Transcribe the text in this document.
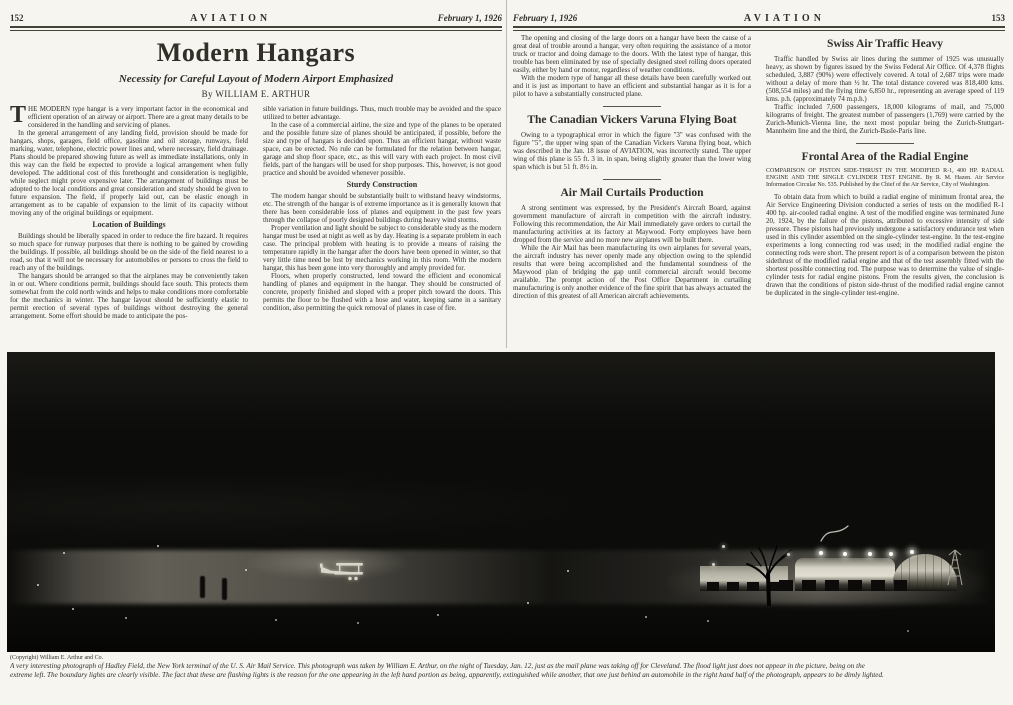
152	AVIATION	February 1, 1926
Modern Hangars
Necessity for Careful Layout of Modern Airport Emphasized
By WILLIAM E. ARTHUR

THE MODERN type hangar is a very important factor in the economical and efficient operation of an airway or airport. There are a great many details to be considered in the handling and servicing of planes.

In the general arrangement of any landing field, provision should be made for hangars, shops, garages, field office, gasoline and oil storage, runways, field marking, water, telephone, electric power lines and, where necessary, field drainage. Plans should be prepared showing future as well as immediate installations, only in this way can the field be expected to provide a logical arrangement when fully developed. The additional cost of this forethought and consideration is negligible, while neglect might prove expensive later. The arrangement of buildings must be adopted to the local conditions and great consideration and study should be given to future expansion. The field, if properly laid out, can be elastic enough in arrangement as to be capable of expansion to the limit of its capacity without moving any of the original buildings or equipment.

Location of Buildings

Buildings should be liberally spaced in order to reduce the fire hazard. It requires so much space for runway purposes that there is nothing to be gained by crowding the buildings. If possible, all buildings should be on the side of the field nearest to a road, so that it will not be necessary for automobiles or persons to cross the field to reach any of the buildings.

The hangars should be arranged so that the airplanes may be conveniently taken in or out. Where conditions permit, buildings should face south. This protects them somewhat from the cold north winds and helps to make conditions more comfortable for the mechanics in winter. The hangar layout should be sufficiently elastic to permit erection of several types of buildings without destroying the general arrangement. Some effort should be made to anticipate the pos-

sible variation in future buildings. Thus, much trouble may be avoided and the space utilized to better advantage.

In the case of a commercial airline, the size and type of the planes to be operated and the possible future size of planes should be anticipated, if possible, before the size and type of hangars is decided upon. Thus an efficient hangar, without waste space, can be erected. No rule can be formulated for the relation between hangar, garage and shop floor space, etc., as this will vary with each project. In most civil fields, part of the hangars will be used for shop purposes. This, however, is not good practice and should be avoided whenever possible.

Sturdy Construction

The modern hangar should be substantially built to withstand heavy windstorms, etc. The strength of the hangar is of extreme importance as it is generally known that there has been considerable loss of planes and equipment in the past few years through the collapse of poorly designed buildings during heavy wind storms.

Proper ventilation and light should be subject to considerable study as the modern hangar must be used at night as well as by day. Heating is a separate problem in each case. The principal problem with heating is to provide a means of raising the temperature rapidly in the hangar after the doors have been opened in winter, so that very little time need be lost by mechanics working in this room. With the modern hangar, this has been gone into very thoroughly and amply provided for.

Floors, when properly constructed, lend toward the efficient and economical handling of planes and equipment in the hangar. They should be constructed of concrete, properly finished and sloped with a proper pitch toward the doors. This permits the floor to be flushed with a hose and water, keeping same in a sanitary condition, also permitting the quick removal of planes in case of fire.

February 1, 1926	AVIATION	153

The opening and closing of the large doors on a hangar have been the cause of a great deal of trouble around a hangar, very often requiring the assistance of a motor truck or tractor and doing damage to the doors. With the latest type of hangar, this trouble has been eliminated by use of specially designed steel rolling doors operated easily, either by hand or motor, regardless of weather conditions.

With the modern type of hangar all these details have been carefully worked out and it is just as important to have an efficient and substantial hangar as it is for a pilot to have a substantially constructed plane.

The Canadian Vickers Varuna Flying Boat

Owing to a typographical error in which the figure "3" was confused with the figure "5", the upper wing span of the Canadian Vickers Varuna flying boat, which was described in the Jan. 18 issue of AVIATION, was incorrectly stated. The upper wing of this plane is 55 ft. 3 in. in span, being slightly greater than the lower wing span which is but 51 ft. 8½ in.

Air Mail Curtails Production

A strong sentiment was expressed, by the President's Aircraft Board, against government manufacture of aircraft in competition with the aircraft industry. Following this recommendation, the Air Mail immediately gave orders to curtail the manufacturing activities at its factory at Maywood. Forty employees have been dropped from the service and no more new airplanes will be built there.

While the Air Mail has been manufacturing its own airplanes for several years, the aircraft industry has never openly made any objection owing to the splendid results that were being accomplished and the fundamental soundness of the Maywood plan of bridging the gap until commercial aircraft would become available. The prompt action of the Post Office Department in curtailing manufacturing is only another evidence of the fine spirit that has always actuated the direction of this greatest of all American aircraft achievements.

Swiss Air Traffic Heavy

Traffic handled by Swiss air lines during the summer of 1925 was unusually heavy, as shown by figures issued by the Swiss Federal Air Office. Of 4,378 flights scheduled, 3,887 (90%) were effectively covered. A total of 2,687 trips were made without a delay of more than ½ hr. The total distance covered was 818,400 kms. (508,554 miles) and the flying time 6,850 hr., representing an average speed of 119 kms. p.h. (approximately 74 m.p.h.)

Traffic included 7,600 passengers, 18,000 kilograms of mail, and 75,000 kilograms of freight. The greatest number of passengers (1,769) were carried by the Zurich-Munich-Vienna line, the next most popular being the Zurich-Stuttgart-Mannheim line and the third, the Zurich-Basle-Paris line.

Frontal Area of the Radial Engine

COMPARISON OF PISTON SIDE-THRUST IN THE MODIFIED R-1, 400 HP. RADIAL ENGINE AND THE SINGLE CYLINDER TEST ENGINE. By R. M. Hazen. Air Service Information Circular No. 535. Published by the Chief of the Air Service, City of Washington.

To obtain data from which to build a radial engine of minimum frontal area, the Air Service Engineering Division conducted a series of tests on the modified R-1 400 hp. air-cooled radial engine. A test of the modified engine was terminated June 20, 1924, by the failure of the pistons, attributed to excessive intensity of side pressure. These pistons had previously undergone a satisfactory endurance test when used in this cylinder assembled on the single-cylinder test-engine. In the test-engine experiments a long connecting rod was used; in the modified radial engine the connecting rods were short. The present report is of a comparison between the piston sidethrust of the modified radial engine and that of the test assembly fitted with the shortest possible connecting rod. The purpose was to determine the value of single-cylinder tests for radial engine pistons. From the results given, the conclusion is drawn that the conditions of piston side-thrust of the modified radial engine cannot be duplicated in the single-cylinder test-engine.

(Copyright) William E. Arthur and Co.
A very interesting photograph of Hadley Field, the New York terminal of the U. S. Air Mail Service. This photograph was taken by William E. Arthur, on the night of Tuesday, Jan. 12, just as the mail plane was taking off for Cleveland. The flood light just does not appear in the picture, being on the
extreme left. The boundary lights are clearly visible. The fact that these are flashing lights is the reason for the one appearing in the left hand portion as being, apparently, extinguished while another, that one just behind an automobile in the right hand half of the photograph, appears to be dimly lighted.
